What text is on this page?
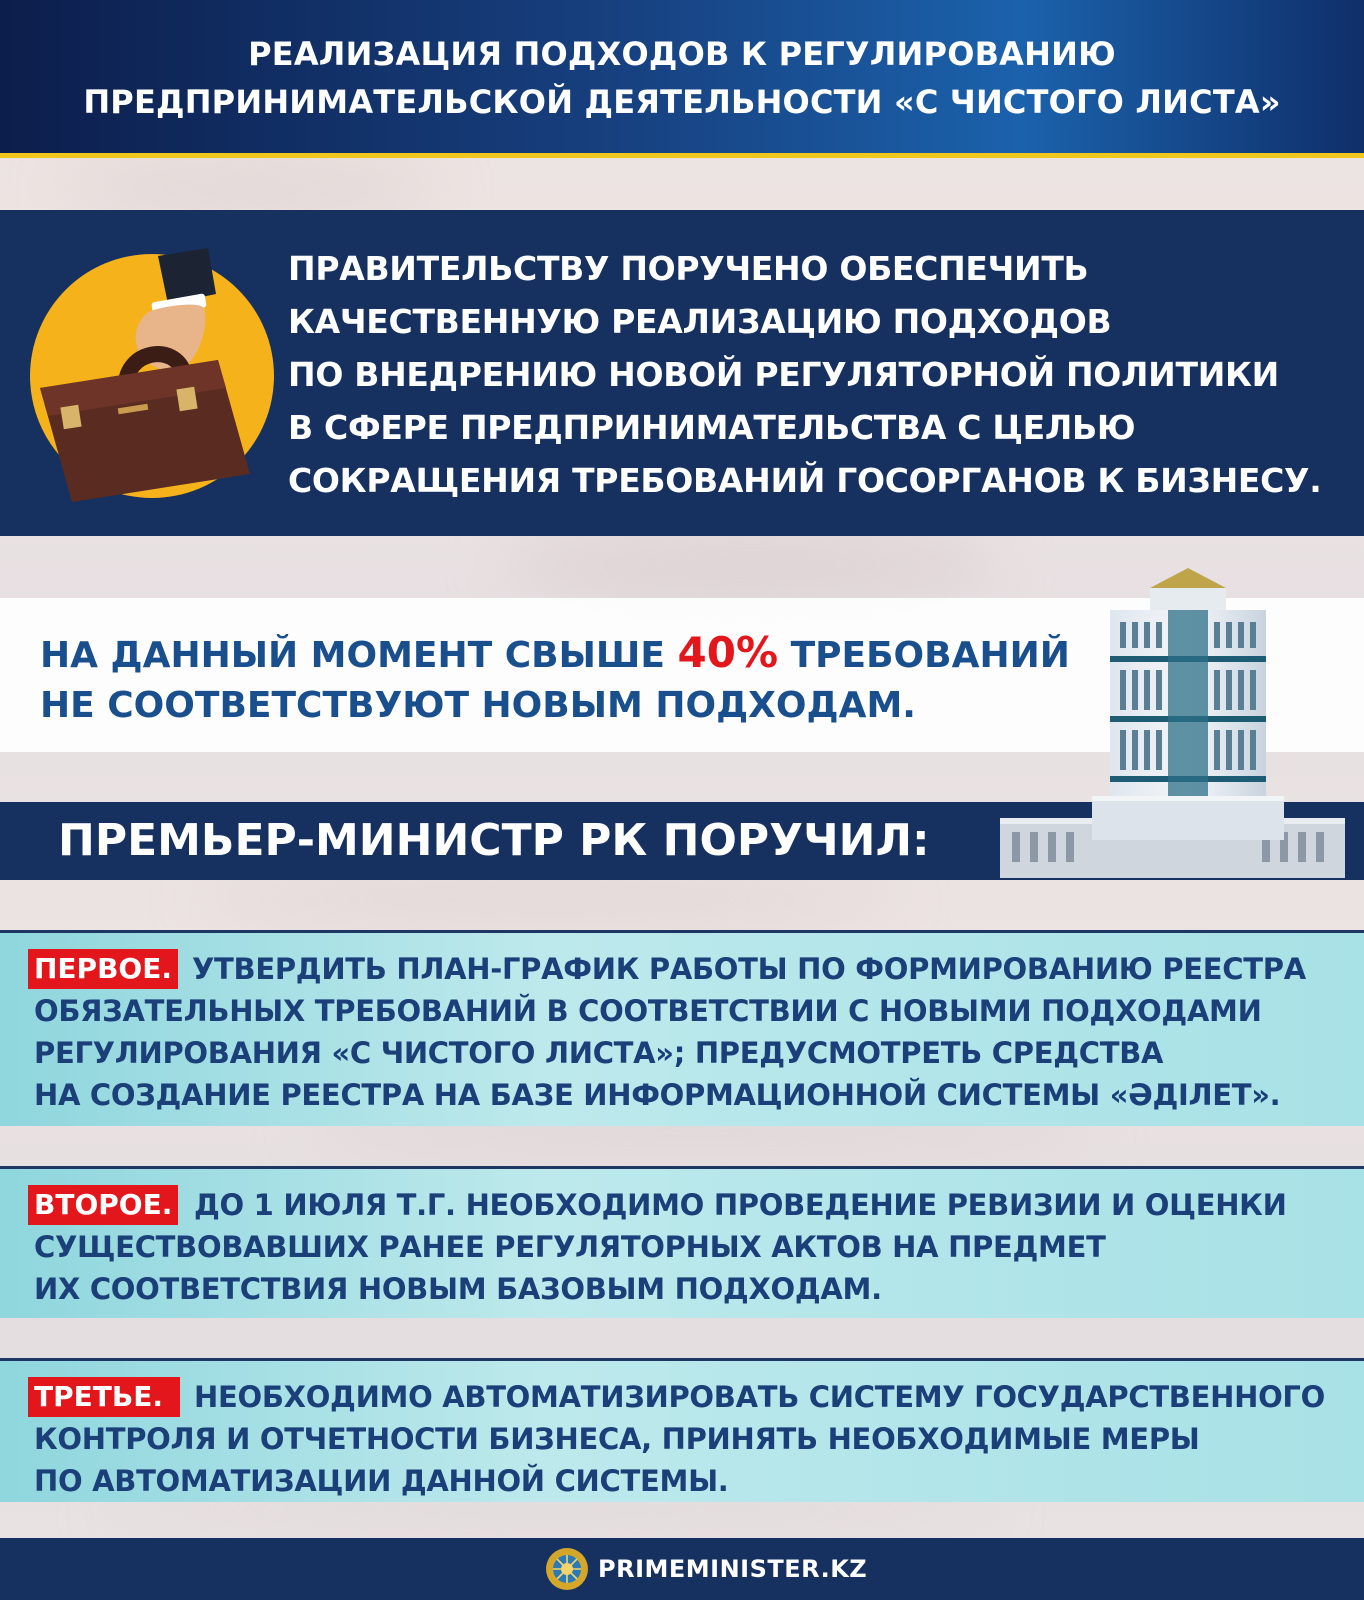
РЕАЛИЗАЦИЯ ПОДХОДОВ К РЕГУЛИРОВАНИЮ
ПРЕДПРИНИМАТЕЛЬСКОЙ ДЕЯТЕЛЬНОСТИ «С ЧИСТОГО ЛИСТА»
ПРАВИТЕЛЬСТВУ ПОРУЧЕНО ОБЕСПЕЧИТЬ
КАЧЕСТВЕННУЮ РЕАЛИЗАЦИЮ ПОДХОДОВ
ПО ВНЕДРЕНИЮ НОВОЙ РЕГУЛЯТОРНОЙ ПОЛИТИКИ
В СФЕРЕ ПРЕДПРИНИМАТЕЛЬСТВА С ЦЕЛЬЮ
СОКРАЩЕНИЯ ТРЕБОВАНИЙ ГОСОРГАНОВ К БИЗНЕСУ.
НА ДАННЫЙ МОМЕНТ СВЫШЕ 40% ТРЕБОВАНИЙ
НЕ СООТВЕТСТВУЮТ НОВЫМ ПОДХОДАМ.
ПРЕМЬЕР-МИНИСТР РК ПОРУЧИЛ:
ПЕРВОЕ. УТВЕРДИТЬ ПЛАН-ГРАФИК РАБОТЫ ПО ФОРМИРОВАНИЮ РЕЕСТРА
ОБЯЗАТЕЛЬНЫХ ТРЕБОВАНИЙ В СООТВЕТСТВИИ С НОВЫМИ ПОДХОДАМИ
РЕГУЛИРОВАНИЯ «С ЧИСТОГО ЛИСТА»; ПРЕДУСМОТРЕТЬ СРЕДСТВА
НА СОЗДАНИЕ РЕЕСТРА НА БАЗЕ ИНФОРМАЦИОННОЙ СИСТЕМЫ «ӘДІЛЕТ».
ВТОРОЕ. ДО 1 ИЮЛЯ Т.Г. НЕОБХОДИМО ПРОВЕДЕНИЕ РЕВИЗИИ И ОЦЕНКИ
СУЩЕСТВОВАВШИХ РАНЕЕ РЕГУЛЯТОРНЫХ АКТОВ НА ПРЕДМЕТ
ИХ СООТВЕТСТВИЯ НОВЫМ БАЗОВЫМ ПОДХОДАМ.
ТРЕТЬЕ.	НЕОБХОДИМО АВТОМАТИЗИРОВАТЬ СИСТЕМУ ГОСУДАРСТВЕННОГО
КОНТРОЛЯ И ОТЧЕТНОСТИ БИЗНЕСА, ПРИНЯТЬ НЕОБХОДИМЫЕ МЕРЫ
ПО АВТОМАТИЗАЦИИ ДАННОЙ СИСТЕМЫ.
PRIMEMINISTER.KZ
